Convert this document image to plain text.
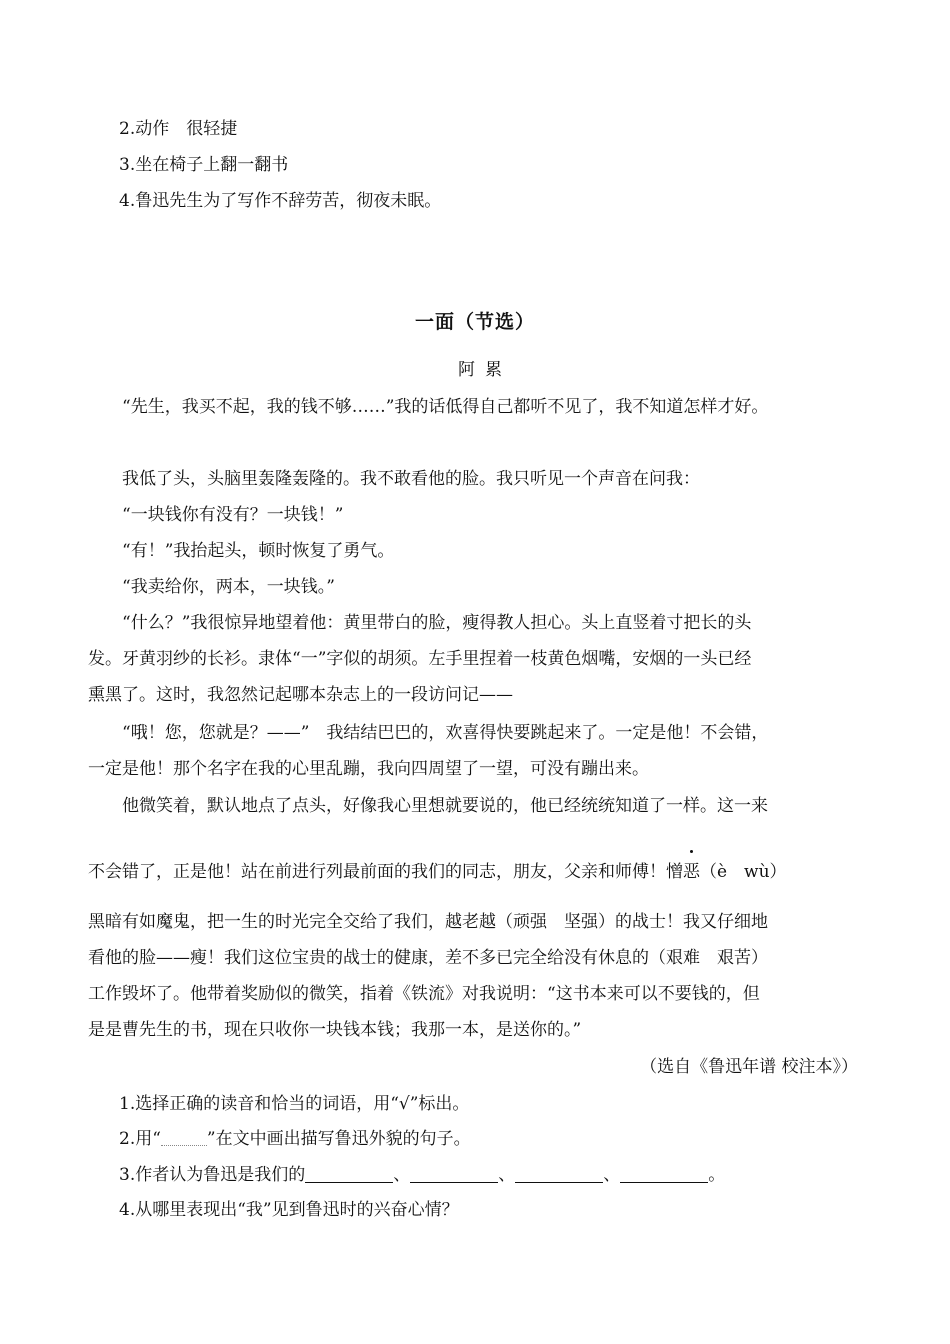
2.动作　很轻捷
3.坐在椅子上翻一翻书
4.鲁迅先生为了写作不辞劳苦，彻夜未眠。
一面（节选）
阿累
“先生，我买不起，我的钱不够……”我的话低得自己都听不见了，我不知道怎样才好。
我低了头，头脑里轰隆轰隆的。我不敢看他的脸。我只听见一个声音在问我：
“一块钱你有没有？一块钱！”
“有！”我抬起头，顿时恢复了勇气。
“我卖给你，两本，一块钱。”
“什么？”我很惊异地望着他：黄里带白的脸，瘦得教人担心。头上直竖着寸把长的头
发。牙黄羽纱的长衫。隶体“一”字似的胡须。左手里捏着一枝黄色烟嘴，安烟的一头已经
熏黑了。这时，我忽然记起哪本杂志上的一段访问记——
“哦！您，您就是？——”　我结结巴巴的，欢喜得快要跳起来了。一定是他！不会错，
一定是他！那个名字在我的心里乱蹦，我向四周望了一望，可没有蹦出来。
他微笑着，默认地点了点头，好像我心里想就要说的，他已经统统知道了一样。这一来
不会错了，正是他！站在前进行列最前面的我们的同志，朋友，父亲和师傅！憎恶（è　wù）
黑暗有如魔鬼，把一生的时光完全交给了我们，越老越（顽强　坚强）的战士！我又仔细地
看他的脸——瘦！我们这位宝贵的战士的健康，差不多已完全给没有休息的（艰难　艰苦）
工作毁坏了。他带着奖励似的微笑，指着《铁流》对我说明：“这书本来可以不要钱的，但
是是曹先生的书，现在只收你一块钱本钱；我那一本，是送你的。”
（选自《鲁迅年谱 校注本》）
1.选择正确的读音和恰当的词语，用“√”标出。
2.用“	”在文中画出描写鲁迅外貌的句子。
3.作者认为鲁迅是我们的	、	、	、	。
4.从哪里表现出“我”见到鲁迅时的兴奋心情？
